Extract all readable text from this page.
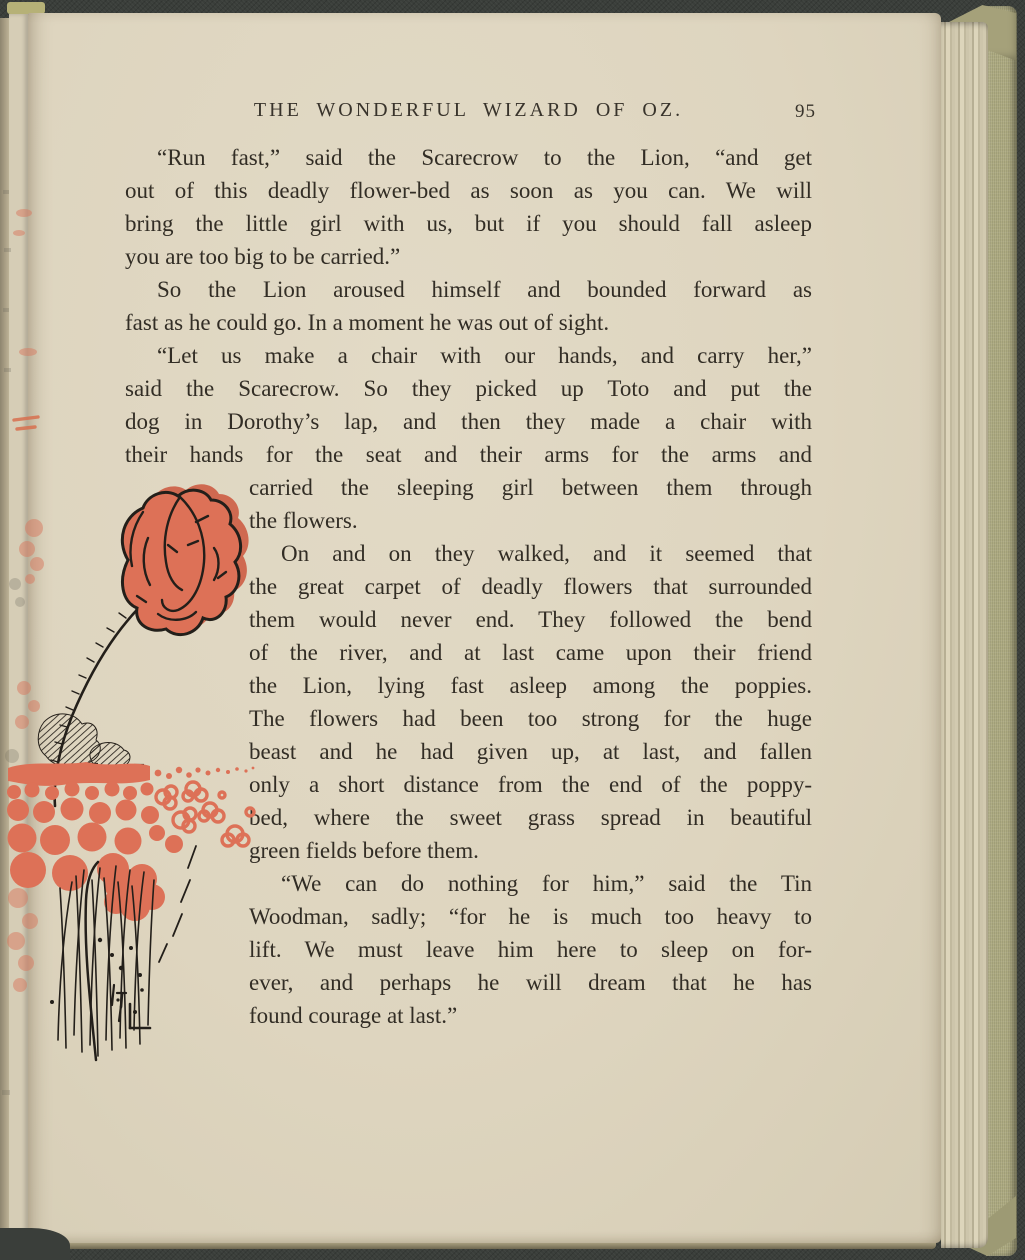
THE WONDERFUL WIZARD OF OZ.	95
“Run fast,” said the Scarecrow to the Lion, “and get
out of this deadly flower-bed as soon as you can. We will
bring the little girl with us, but if you should fall asleep
you are too big to be carried.”
So the Lion aroused himself and bounded forward as
fast as he could go. In a moment he was out of sight.
“Let us make a chair with our hands, and carry her,”
said the Scarecrow. So they picked up Toto and put the
dog in Dorothy’s lap, and then they made a chair with
their hands for the seat and their arms for the arms and
carried the sleeping girl between them through
the flowers.
On and on they walked, and it seemed that
the great carpet of deadly flowers that surrounded
them would never end. They followed the bend
of the river, and at last came upon their friend
the Lion, lying fast asleep among the poppies.
The flowers had been too strong for the huge
beast and he had given up, at last, and fallen
only a short distance from the end of the poppy-
bed, where the sweet grass spread in beautiful
green fields before them.
“We can do nothing for him,” said the Tin
Woodman, sadly; “for he is much too heavy to
lift. We must leave him here to sleep on for-
ever, and perhaps he will dream that he has
found courage at last.”
